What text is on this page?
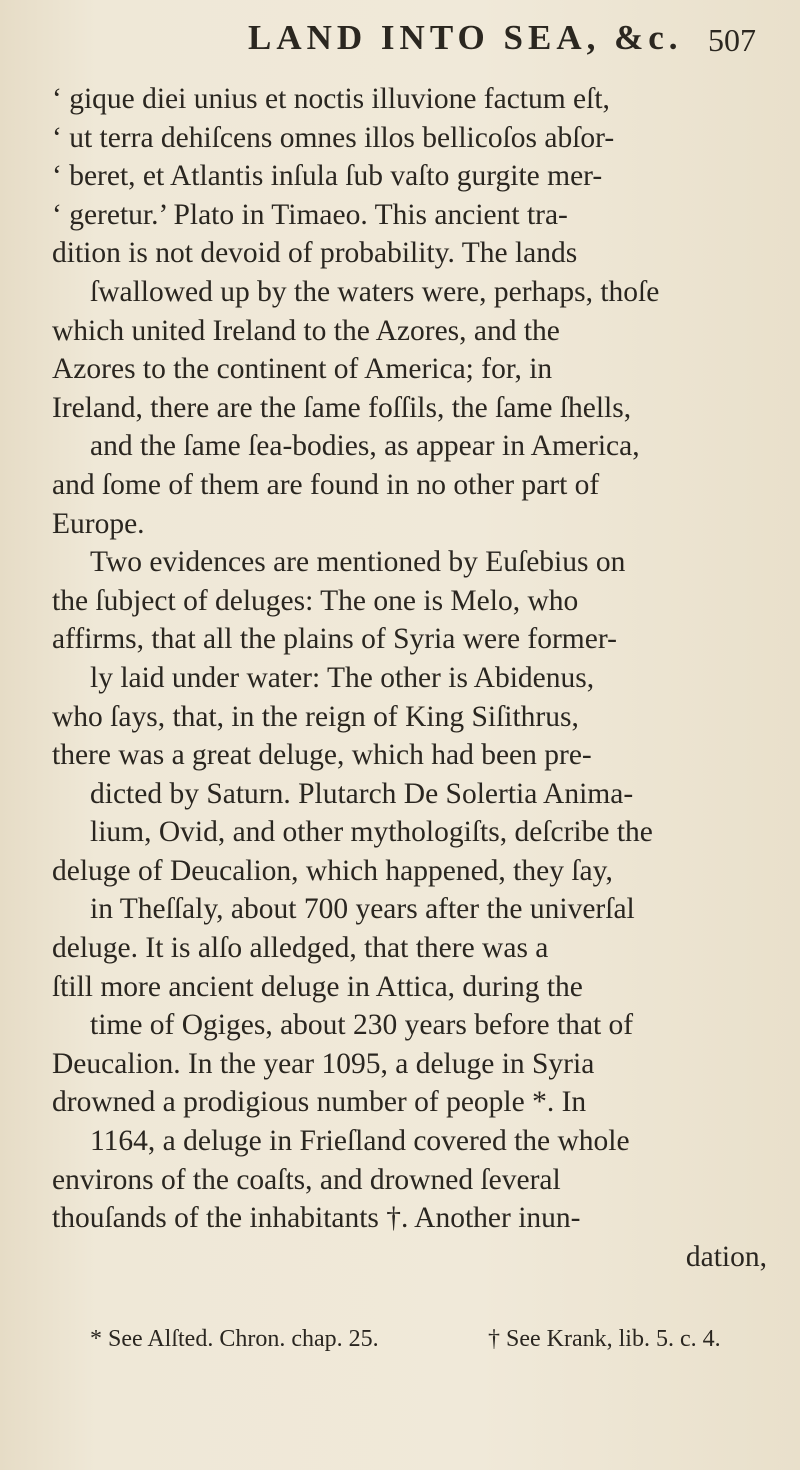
LAND INTO SEA, &c. 507
‘ gique diei unius et noctis illuvione factum eſt,
‘ ut terra dehiſcens omnes illos bellicoſos abſor-
‘ beret, et Atlantis inſula ſub vaſto gurgite mer-
‘ geretur.’ Plato in Timaeo. This ancient tra-
dition is not devoid of probability. The lands
ſwallowed up by the waters were, perhaps, thoſe
which united Ireland to the Azores, and the
Azores to the continent of America; for, in
Ireland, there are the ſame foſſils, the ſame ſhells,
and the ſame ſea-bodies, as appear in America,
and ſome of them are found in no other part of
Europe.
Two evidences are mentioned by Euſebius on
the ſubject of deluges: The one is Melo, who
affirms, that all the plains of Syria were former-
ly laid under water: The other is Abidenus,
who ſays, that, in the reign of King Siſithrus,
there was a great deluge, which had been pre-
dicted by Saturn. Plutarch De Solertia Anima-
lium, Ovid, and other mythologiſts, deſcribe the
deluge of Deucalion, which happened, they ſay,
in Theſſaly, about 700 years after the univerſal
deluge. It is alſo alledged, that there was a
ſtill more ancient deluge in Attica, during the
time of Ogiges, about 230 years before that of
Deucalion. In the year 1095, a deluge in Syria
drowned a prodigious number of people *. In
1164, a deluge in Frieſland covered the whole
environs of the coaſts, and drowned ſeveral
thouſands of the inhabitants †. Another inun-
dation,
* See Alſted. Chron. chap. 25.	† See Krank, lib. 5. c. 4.
